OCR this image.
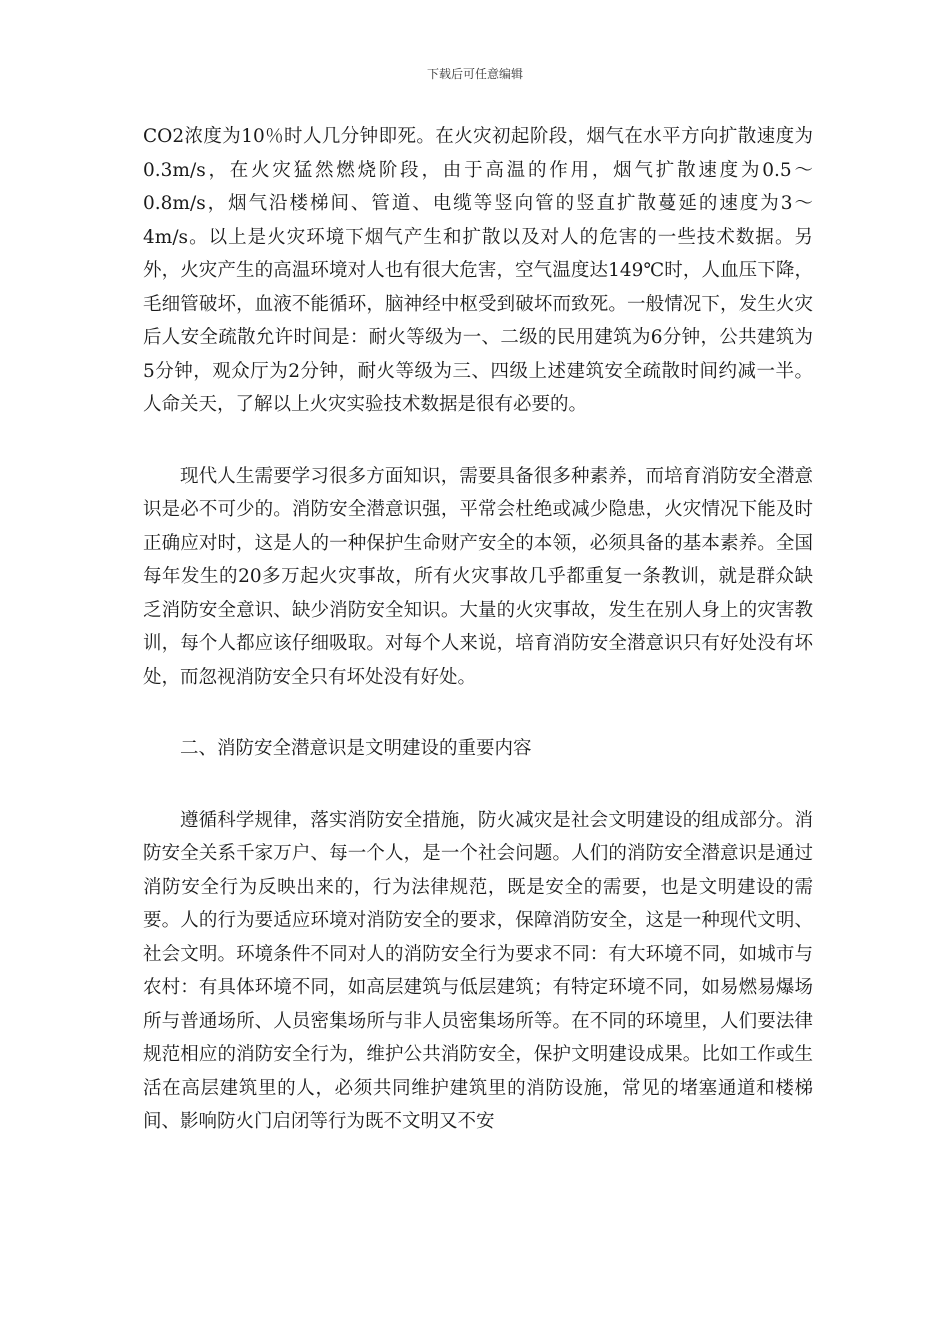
下载后可任意编辑

CO2浓度为10％时人几分钟即死。在火灾初起阶段，烟气在水平方向扩散速度为0.3m/s，在火灾猛然燃烧阶段，由于高温的作用，烟气扩散速度为0.5～0.8m/s，烟气沿楼梯间、管道、电缆等竖向管的竖直扩散蔓延的速度为3～4m/s。以上是火灾环境下烟气产生和扩散以及对人的危害的一些技术数据。另外，火灾产生的高温环境对人也有很大危害，空气温度达149℃时，人血压下降，毛细管破坏，血液不能循环，脑神经中枢受到破坏而致死。一般情况下，发生火灾后人安全疏散允许时间是：耐火等级为一、二级的民用建筑为6分钟，公共建筑为5分钟，观众厅为2分钟，耐火等级为三、四级上述建筑安全疏散时间约减一半。人命关天，了解以上火灾实验技术数据是很有必要的。

现代人生需要学习很多方面知识，需要具备很多种素养，而培育消防安全潜意识是必不可少的。消防安全潜意识强，平常会杜绝或减少隐患，火灾情况下能及时正确应对时，这是人的一种保护生命财产安全的本领，必须具备的基本素养。全国每年发生的20多万起火灾事故，所有火灾事故几乎都重复一条教训，就是群众缺乏消防安全意识、缺少消防安全知识。大量的火灾事故，发生在别人身上的灾害教训，每个人都应该仔细吸取。对每个人来说，培育消防安全潜意识只有好处没有坏处，而忽视消防安全只有坏处没有好处。

二、消防安全潜意识是文明建设的重要内容

遵循科学规律，落实消防安全措施，防火减灾是社会文明建设的组成部分。消防安全关系千家万户、每一个人，是一个社会问题。人们的消防安全潜意识是通过消防安全行为反映出来的，行为法律规范，既是安全的需要，也是文明建设的需要。人的行为要适应环境对消防安全的要求，保障消防安全，这是一种现代文明、社会文明。环境条件不同对人的消防安全行为要求不同：有大环境不同，如城市与农村：有具体环境不同，如高层建筑与低层建筑；有特定环境不同，如易燃易爆场所与普通场所、人员密集场所与非人员密集场所等。在不同的环境里，人们要法律规范相应的消防安全行为，维护公共消防安全，保护文明建设成果。比如工作或生活在高层建筑里的人，必须共同维护建筑里的消防设施，常见的堵塞通道和楼梯间、影响防火门启闭等行为既不文明又不安
